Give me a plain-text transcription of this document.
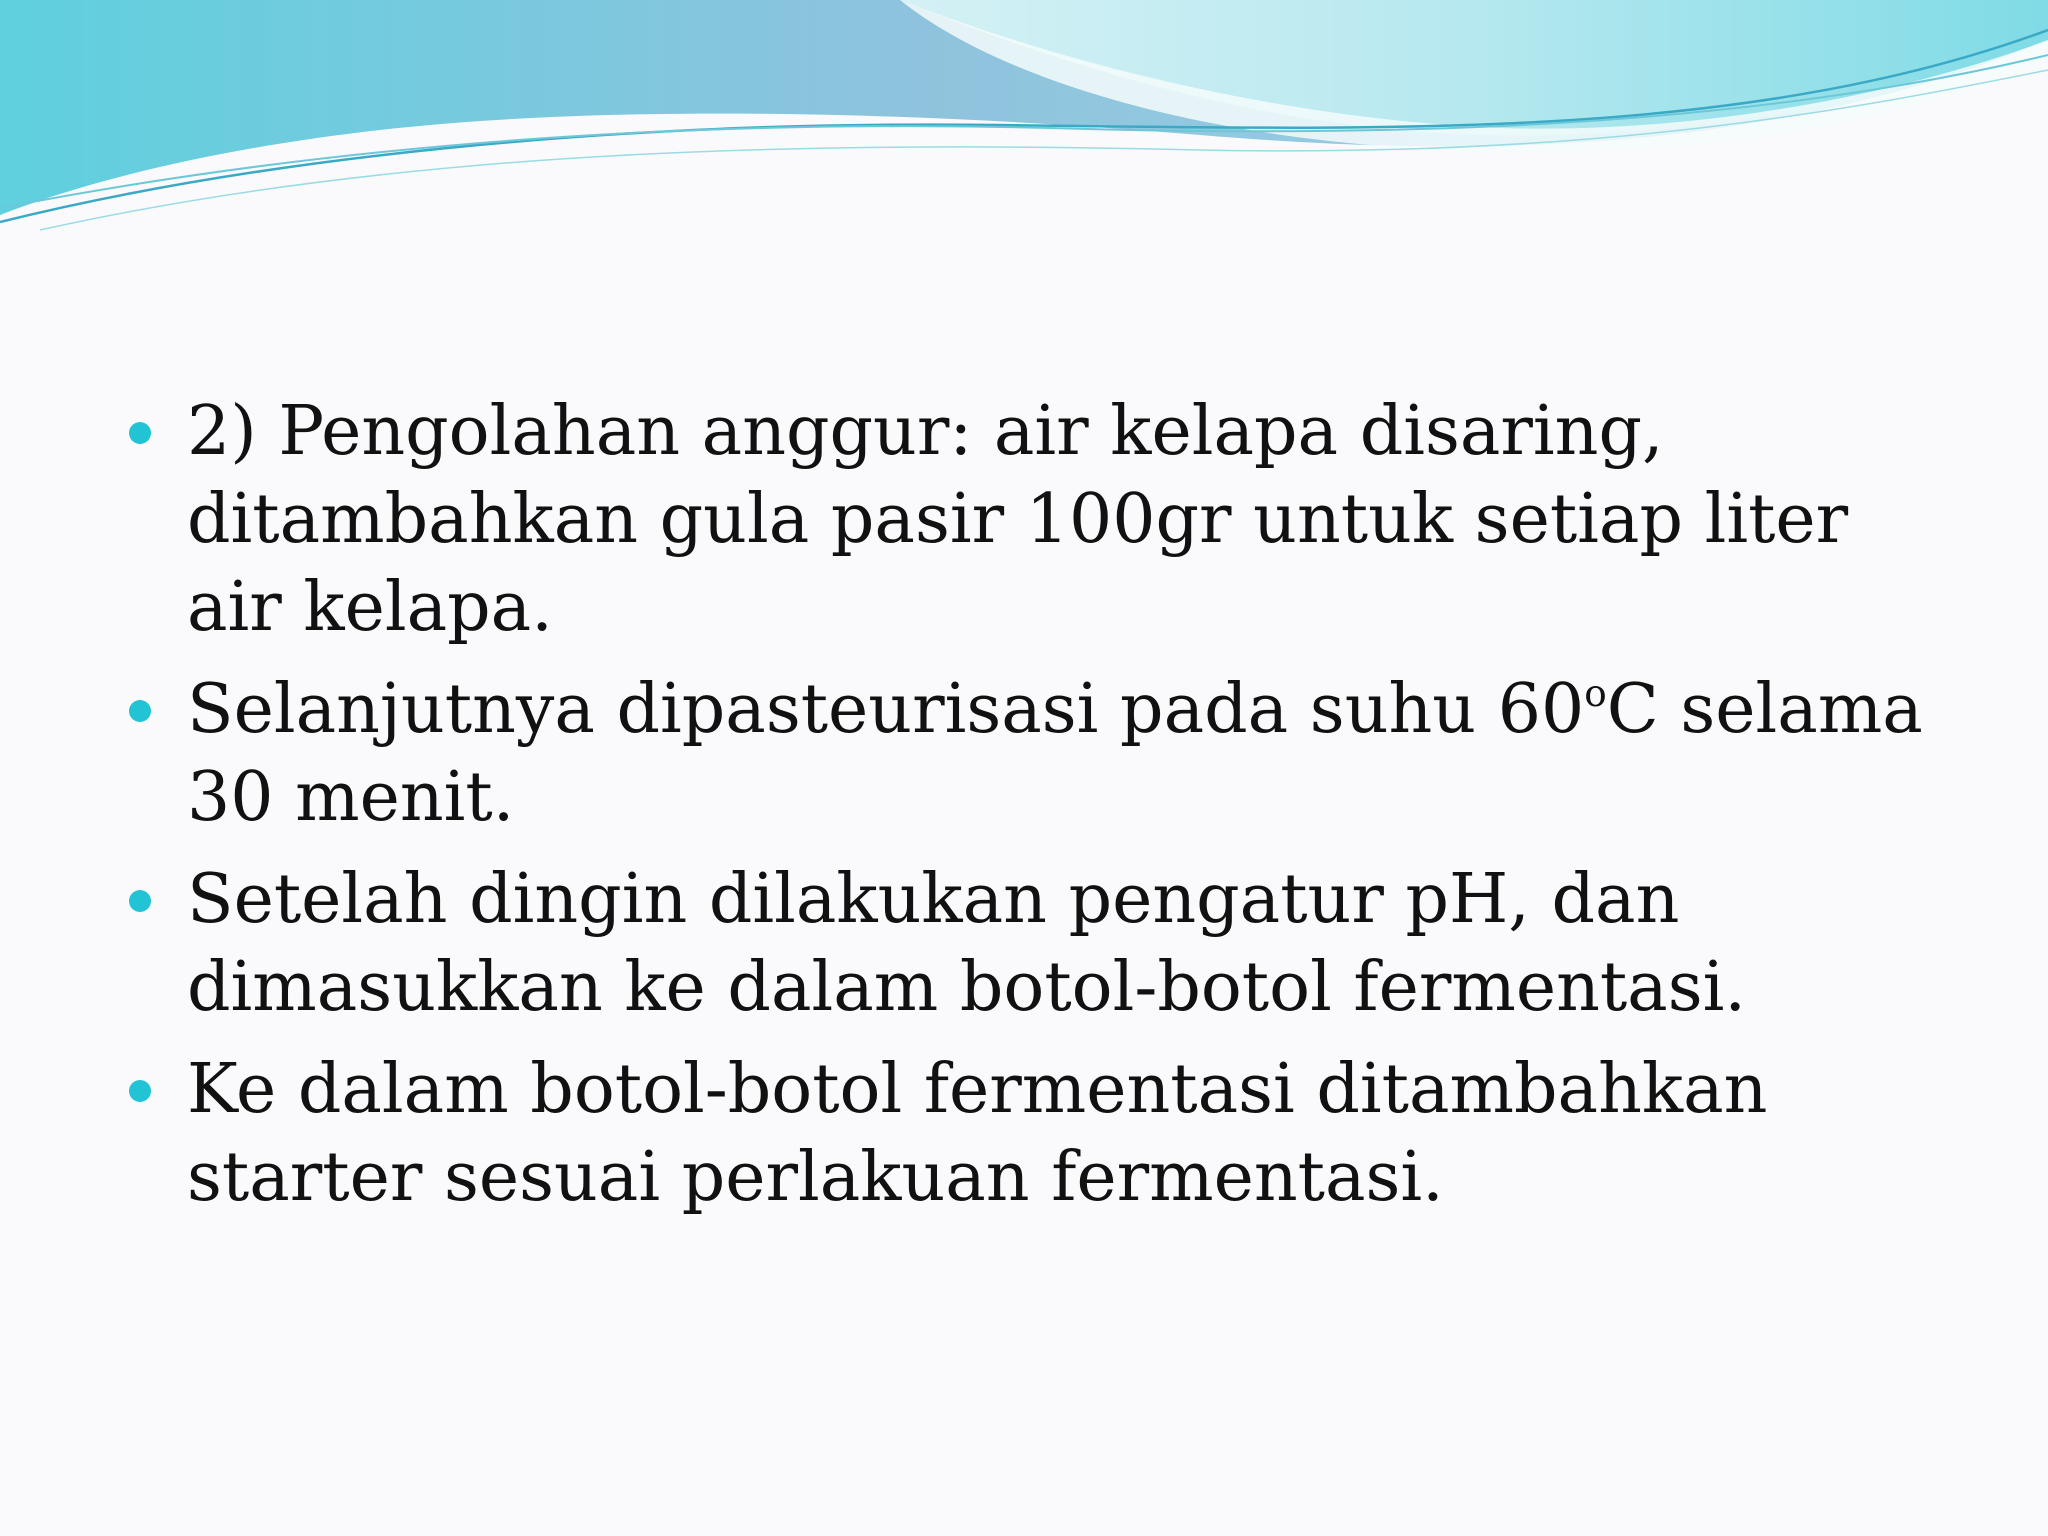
2) Pengolahan anggur: air kelapa disaring, ditambahkan gula pasir 100gr untuk setiap liter air kelapa.
Selanjutnya dipasteurisasi pada suhu 60$^o$C selama 30 menit.
Setelah dingin dilakukan pengatur pH, dan dimasukkan ke dalam botol-botol fermentasi.
Ke dalam botol-botol fermentasi ditambahkan starter sesuai perlakuan fermentasi.
